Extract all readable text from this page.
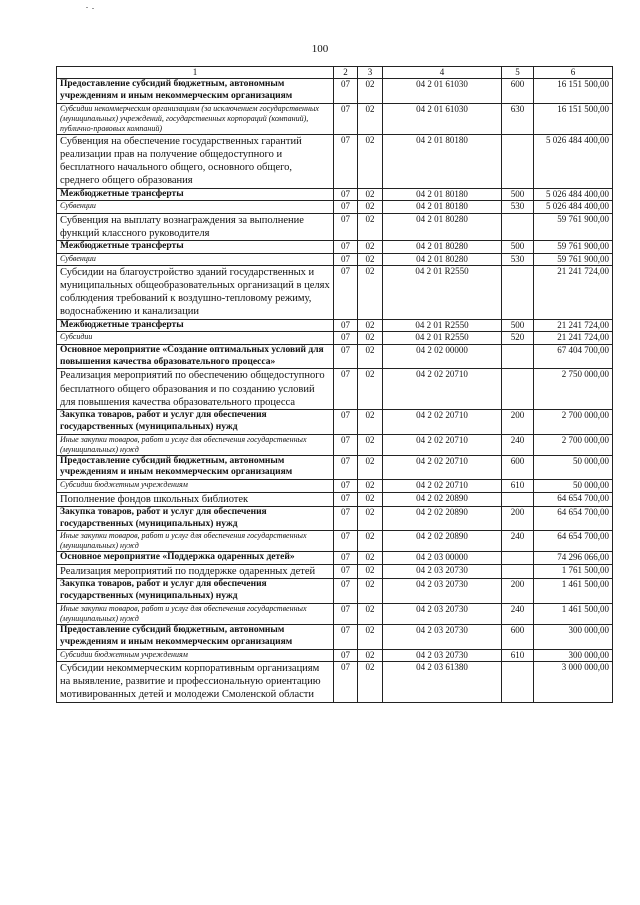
100
1	2	3	4	5	6
Предоставление субсидий бюджетным, автономным учреждениям и иным некоммерческим организациям	07	02	04 2 01 61030	600	16 151 500,00
Субсидии некоммерческим организациям (за исключением государственных (муниципальных) учреждений, государственных корпораций (компаний), публично-правовых компаний)	07	02	04 2 01 61030	630	16 151 500,00
Субвенция на обеспечение государственных гарантий реализации прав на получение общедоступного и бесплатного начального общего, основного общего, среднего общего образования	07	02	04 2 01 80180		5 026 484 400,00
Межбюджетные трансферты	07	02	04 2 01 80180	500	5 026 484 400,00
Субвенции	07	02	04 2 01 80180	530	5 026 484 400,00
Субвенция на выплату вознаграждения за выполнение функций классного руководителя	07	02	04 2 01 80280		59 761 900,00
Межбюджетные трансферты	07	02	04 2 01 80280	500	59 761 900,00
Субвенции	07	02	04 2 01 80280	530	59 761 900,00
Субсидии на благоустройство зданий государственных и муниципальных общеобразовательных организаций в целях соблюдения требований к воздушно-тепловому режиму, водоснабжению и канализации	07	02	04 2 01 R2550		21 241 724,00
Межбюджетные трансферты	07	02	04 2 01 R2550	500	21 241 724,00
Субсидии	07	02	04 2 01 R2550	520	21 241 724,00
Основное мероприятие «Создание оптимальных условий для повышения качества образовательного процесса»	07	02	04 2 02 00000		67 404 700,00
Реализация мероприятий по обеспечению общедоступного бесплатного общего образования и по созданию условий для повышения качества образовательного процесса	07	02	04 2 02 20710		2 750 000,00
Закупка товаров, работ и услуг для обеспечения государственных (муниципальных) нужд	07	02	04 2 02 20710	200	2 700 000,00
Иные закупки товаров, работ и услуг для обеспечения государственных (муниципальных) нужд	07	02	04 2 02 20710	240	2 700 000,00
Предоставление субсидий бюджетным, автономным учреждениям и иным некоммерческим организациям	07	02	04 2 02 20710	600	50 000,00
Субсидии бюджетным учреждениям	07	02	04 2 02 20710	610	50 000,00
Пополнение фондов школьных библиотек	07	02	04 2 02 20890		64 654 700,00
Закупка товаров, работ и услуг для обеспечения государственных (муниципальных) нужд	07	02	04 2 02 20890	200	64 654 700,00
Иные закупки товаров, работ и услуг для обеспечения государственных (муниципальных) нужд	07	02	04 2 02 20890	240	64 654 700,00
Основное мероприятие «Поддержка одаренных детей»	07	02	04 2 03 00000		74 296 066,00
Реализация мероприятий по поддержке одаренных детей	07	02	04 2 03 20730		1 761 500,00
Закупка товаров, работ и услуг для обеспечения государственных (муниципальных) нужд	07	02	04 2 03 20730	200	1 461 500,00
Иные закупки товаров, работ и услуг для обеспечения государственных (муниципальных) нужд	07	02	04 2 03 20730	240	1 461 500,00
Предоставление субсидий бюджетным, автономным учреждениям и иным некоммерческим организациям	07	02	04 2 03 20730	600	300 000,00
Субсидии бюджетным учреждениям	07	02	04 2 03 20730	610	300 000,00
Субсидии некоммерческим корпоративным организациям на выявление, развитие и профессиональную ориентацию мотивированных детей и молодежи Смоленской области	07	02	04 2 03 61380		3 000 000,00
